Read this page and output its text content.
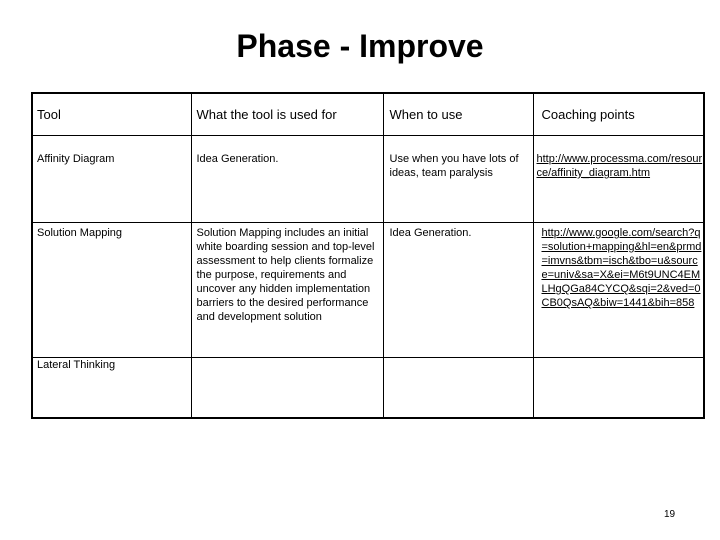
Phase - Improve
Tool	What the tool is used for	When to use	Coaching points

Affinity Diagram	Idea Generation.	Use when you have lots of ideas, team paralysis	http://www.processma.com/resource/affinity_diagram.htm

Solution Mapping	Solution Mapping includes an initial white boarding session and top-level assessment to help clients formalize the purpose, requirements and uncover any hidden implementation barriers to the desired performance and development solution	Idea Generation.	http://www.google.com/search?q=solution+mapping&hl=en&prmd=imvns&tbm=isch&tbo=u&source=univ&sa=X&ei=M6t9UNC4EMLHgQGa84CYCQ&sqi=2&ved=0CB0QsAQ&biw=1441&bih=858

Lateral Thinking			

19
